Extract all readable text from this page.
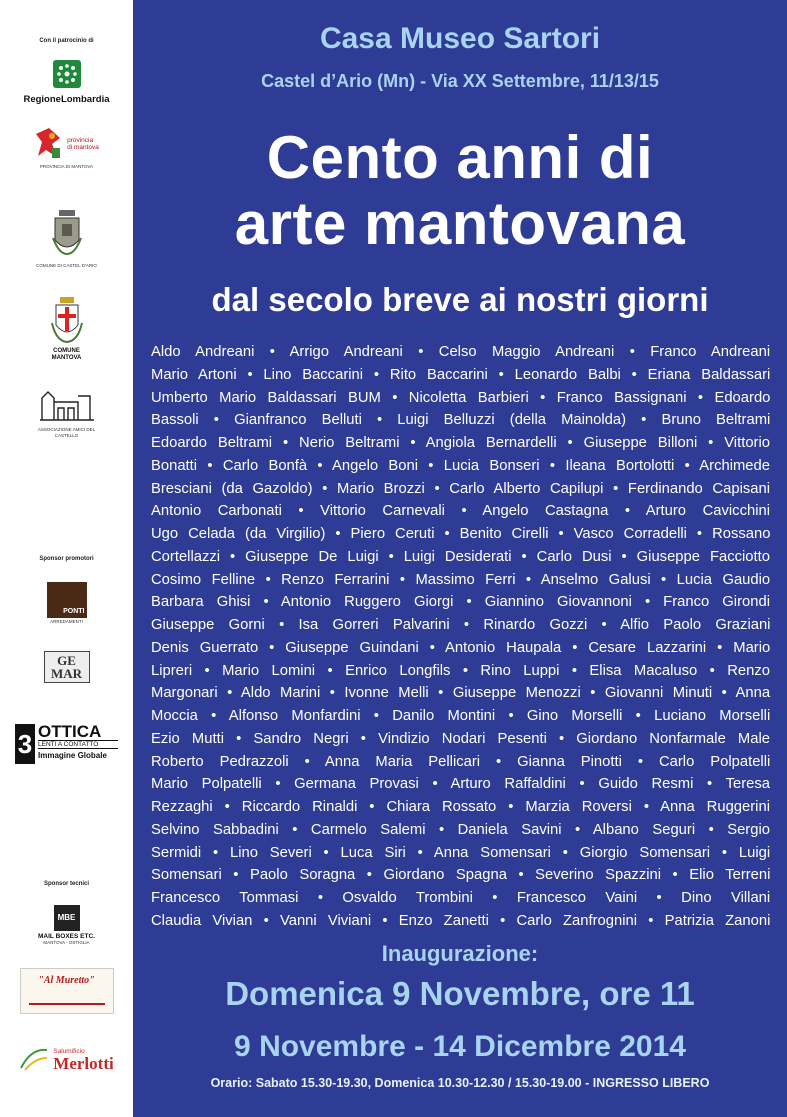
Con il patrocinio di
RegioneLombardia
provincia
di mantova
PROVINCIA DI MANTOVA
COMUNE DI CASTEL D'ARIO
COMUNE
MANTOVA
ASSOCIAZIONE AMICI DEL CASTELLO
Sponsor promotori
PONTI
ARREDAMENTI
GE
MAR
3 OTTICA
LENTI A CONTATTO
Immagine Globale
Sponsor tecnici
MBE
MAIL BOXES ETC.
MANTOVA - OSTIGLIA
"Al Muretto"
Salumificio
Merlotti
Casa Museo Sartori
Castel d’Ario (Mn) - Via XX Settembre, 11/13/15
Cento anni di
arte mantovana
dal secolo breve ai nostri giorni
Aldo Andreani • Arrigo Andreani • Celso Maggio Andreani • Franco Andreani
Mario Artoni • Lino Baccarini • Rito Baccarini • Leonardo Balbi • Eriana Baldassari
Umberto Mario Baldassari BUM • Nicoletta Barbieri • Franco Bassignani • Edoardo
Bassoli • Gianfranco Belluti • Luigi Belluzzi (della Mainolda) • Bruno Beltrami
Edoardo Beltrami • Nerio Beltrami • Angiola Bernardelli • Giuseppe Billoni • Vittorio
Bonatti • Carlo Bonfà • Angelo Boni • Lucia Bonseri • Ileana Bortolotti • Archimede
Bresciani (da Gazoldo) • Mario Brozzi • Carlo Alberto Capilupi • Ferdinando Capisani
Antonio Carbonati • Vittorio Carnevali • Angelo Castagna • Arturo Cavicchini
Ugo Celada (da Virgilio) • Piero Ceruti • Benito Cirelli • Vasco Corradelli • Rossano
Cortellazzi • Giuseppe De Luigi • Luigi Desiderati • Carlo Dusi • Giuseppe Facciotto
Cosimo Felline • Renzo Ferrarini • Massimo Ferri • Anselmo Galusi • Lucia Gaudio
Barbara Ghisi • Antonio Ruggero Giorgi • Giannino Giovannoni • Franco Girondi
Giuseppe Gorni • Isa Gorreri Palvarini • Rinardo Gozzi • Alfio Paolo Graziani
Denis Guerrato • Giuseppe Guindani • Antonio Haupala • Cesare Lazzarini • Mario
Lipreri • Mario Lomini • Enrico Longfils • Rino Luppi • Elisa Macaluso • Renzo
Margonari • Aldo Marini • Ivonne Melli • Giuseppe Menozzi • Giovanni Minuti • Anna
Moccia • Alfonso Monfardini • Danilo Montini • Gino Morselli • Luciano Morselli
Ezio Mutti • Sandro Negri • Vindizio Nodari Pesenti • Giordano Nonfarmale Male
Roberto Pedrazzoli • Anna Maria Pellicari • Gianna Pinotti • Carlo Polpatelli
Mario Polpatelli • Germana Provasi • Arturo Raffaldini • Guido Resmi • Teresa
Rezzaghi • Riccardo Rinaldi • Chiara Rossato • Marzia Roversi • Anna Ruggerini
Selvino Sabbadini • Carmelo Salemi • Daniela Savini • Albano Seguri • Sergio
Sermidi • Lino Severi • Luca Siri • Anna Somensari • Giorgio Somensari • Luigi
Somensari • Paolo Soragna • Giordano Spagna • Severino Spazzini • Elio Terreni
Francesco Tommasi • Osvaldo Trombini • Francesco Vaini • Dino Villani
Claudia Vivian • Vanni Viviani • Enzo Zanetti • Carlo Zanfrognini • Patrizia Zanoni
Inaugurazione:
Domenica 9 Novembre, ore 11
9 Novembre - 14 Dicembre 2014
Orario: Sabato 15.30-19.30, Domenica 10.30-12.30 / 15.30-19.00 - INGRESSO LIBERO
